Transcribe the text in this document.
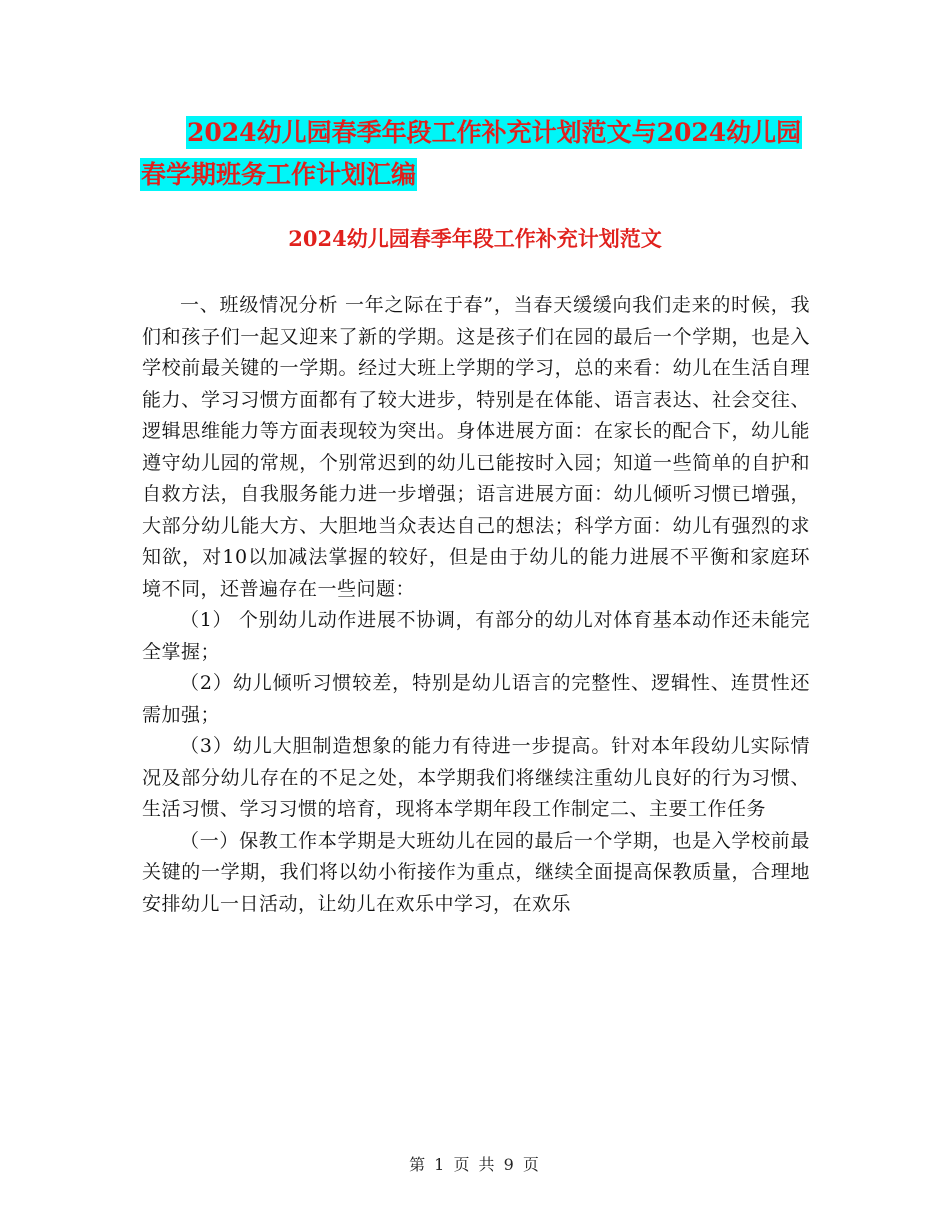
2024幼儿园春季年段工作补充计划范文与2024幼儿园
春学期班务工作计划汇编
2024幼儿园春季年段工作补充计划范文

一、班级情况分析 一年之际在于春”，当春天缓缓向我们走来的时候，我们和孩子们一起又迎来了新的学期。这是孩子们在园的最后一个学期，也是入学校前最关键的一学期。经过大班上学期的学习，总的来看：幼儿在生活自理能力、学习习惯方面都有了较大进步，特别是在体能、语言表达、社会交往、逻辑思维能力等方面表现较为突出。身体进展方面：在家长的配合下，幼儿能遵守幼儿园的常规，个别常迟到的幼儿已能按时入园；知道一些简单的自护和自救方法，自我服务能力进一步增强；语言进展方面：幼儿倾听习惯已增强，大部分幼儿能大方、大胆地当众表达自己的想法；科学方面：幼儿有强烈的求知欲，对10以加减法掌握的较好，但是由于幼儿的能力进展不平衡和家庭环境不同，还普遍存在一些问题：

（1） 个别幼儿动作进展不协调，有部分的幼儿对体育基本动作还未能完全掌握；

（2）幼儿倾听习惯较差，特别是幼儿语言的完整性、逻辑性、连贯性还需加强；

（3）幼儿大胆制造想象的能力有待进一步提高。针对本年段幼儿实际情况及部分幼儿存在的不足之处，本学期我们将继续注重幼儿良好的行为习惯、生活习惯、学习习惯的培育，现将本学期年段工作制定二、主要工作任务

（一）保教工作本学期是大班幼儿在园的最后一个学期，也是入学校前最关键的一学期，我们将以幼小衔接作为重点，继续全面提高保教质量，合理地安排幼儿一日活动，让幼儿在欢乐中学习，在欢乐

第 1 页 共 9 页
